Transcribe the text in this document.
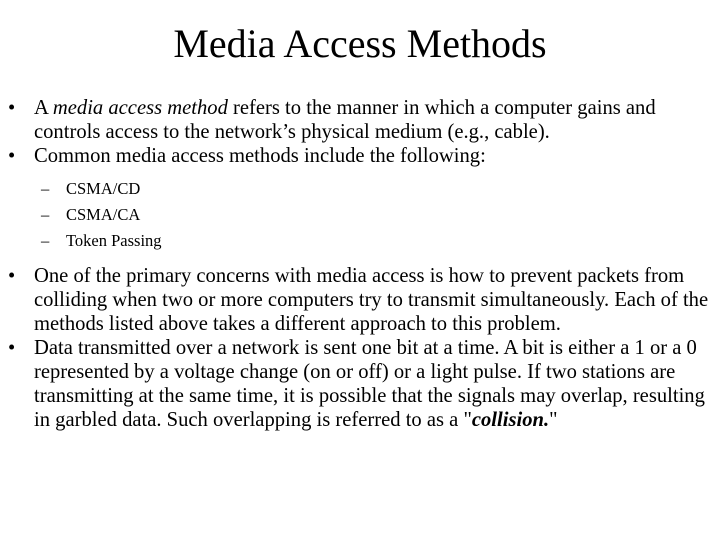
Media Access Methods
• A media access method refers to the manner in which a computer gains and controls access to the network’s physical medium (e.g., cable).
• Common media access methods include the following:
– CSMA/CD
– CSMA/CA
– Token Passing
• One of the primary concerns with media access is how to prevent packets from colliding when two or more computers try to transmit simultaneously. Each of the methods listed above takes a different approach to this problem.
• Data transmitted over a network is sent one bit at a time. A bit is either a 1 or a 0 represented by a voltage change (on or off) or a light pulse. If two stations are transmitting at the same time, it is possible that the signals may overlap, resulting in garbled data. Such overlapping is referred to as a "collision."
